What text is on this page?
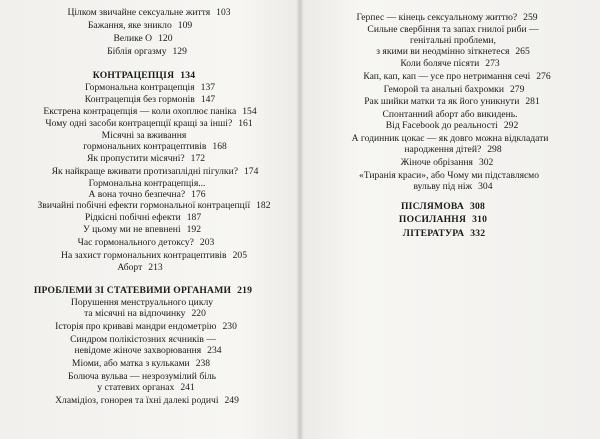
Цілком звичайне сексуальне життя 103
Бажання, яке зникло 109
Велике О 120
Біблія оргазму 129
КОНТРАЦЕПЦІЯ 134
Гормональна контрацепція 137
Контрацепція без гормонів 147
Екстрена контрацепція — коли охоплює паніка 154
Чому одні засоби контрацепції кращі за інші? 161
Місячні за вживання
гормональних контрацептивів 168
Як пропустити місячні? 172
Як найкраще вживати протизаплідні пігулки? 174
Гормональна контрацепція...
А вона точно безпечна? 176
Звичайні побічні ефекти гормональної контрацепції 182
Рідкісні побічні ефекти 187
У цьому ми не впевнені 192
Час гормонального детоксу? 203
На захист гормональних контрацептивів 205
Аборт 213
ПРОБЛЕМИ ЗІ СТАТЕВИМИ ОРГАНАМИ 219
Порушення менструального циклу
та місячні на відпочинку 220
Історія про криваві мандри ендометрію 230
Синдром полікістозних яєчників —
невідоме жіноче захворювання 234
Міоми, або матка з кульками 238
Болюча вульва — незрозумілий біль
у статевих органах 241
Хламідіоз, гонорея та їхні далекі родичі 249
Герпес — кінець сексуальному життю? 259
Сильне свербіння та запах гнилої риби —
генітальні проблеми,
з якими ви неодмінно зіткнетеся 265
Коли боляче пісяти 273
Кап, кап, кап — усе про нетримання сечі 276
Геморой та анальні бахромки 279
Рак шийки матки та як його уникнути 281
Спонтанний аборт або викидень.
Від Facebook до реальності 292
А годинник цокає — як довго можна відкладати
народження дітей? 298
Жіноче обрізання 302
«Тиранія краси», або Чому ми підставляємо
вульву під ніж 304
ПІСЛЯМОВА 308
ПОСИЛАННЯ 310
ЛІТЕРАТУРА 332
